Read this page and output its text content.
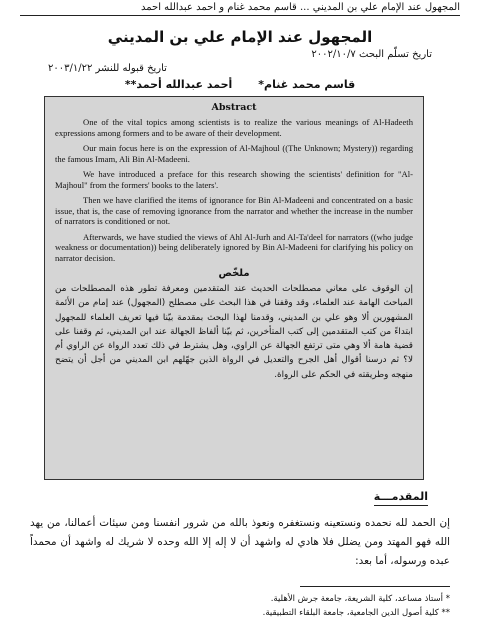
المجهول عند الإمام علي بن المديني ... قاسم محمد غنام و أحمد عبدالله أحمد
المجهول عند الإمام علي بن المديني
تاريخ تسلّم البحث ٢٠٠٢/١٠/٧
تاريخ قبوله للنشر ٢٠٠٣/١/٢٢
قاسم محمد غنام*
أحمد عبدالله أحمد**
Abstract

One of the vital topics among scientists is to realize the various meanings of Al-Hadeeth expressions among formers and to be aware of their development.

Our main focus here is on the expression of Al-Majhoul ((The Unknown; Mystery)) regarding the famous Imam, Ali Bin Al-Madeeni.

We have introduced a preface for this research showing the scientists' definition for "Al-Majhoul" from the formers' books to the laters'.

Then we have clarified the items of ignorance for Bin Al-Madeeni and concentrated on a basic issue, that is, the case of removing ignorance from the narrator and whether the increase in the number of narrators is conditioned or not.

Afterwards, we have studied the views of Ahl Al-Jurh and Al-Ta'deel for narrators ((who judge weakness or documentation)) being deliberately ignored by Bin Al-Madeeni for clarifying his policy on narrator decision.

ملخّص

إن الوقوف على معاني مصطلحات الحديث عند المتقدمين ومعرفة تطور هذه المصطلحات من المباحث الهامة عند العلماء، وقد وقفنا في هذا البحث على مصطلح (المجهول) عند إمام من الأئمة المشهورين ألا وهو علي بن المديني، وقدمنا لهذا البحث بمقدمة بيّنا فيها تعريف العلماء للمجهول ابتداءً من كتب المتقدمين إلى كتب المتأخرين، ثم بيّنا ألفاظ الجهالة عند ابن المديني، ثم وقفنا على قضية هامة ألا وهي متى ترتفع الجهالة عن الراوي، وهل يشترط في ذلك تعدد الرواة عن الراوي أم لا؟ ثم درسنا أقوال أهل الجرح والتعديل في الرواة الذين جهّلهم ابن المديني من أجل أن يتضح منهجه وطريقته في الحكم على الرواة.

المقدمـــة
إن الحمد لله نحمده ونستعينه ونستغفره ونعوذ بالله من شرور انفسنا ومن سيئات أعمالنا، من يهد الله فهو المهتد ومن يضلل فلا هادي له واشهد أن لا إله إلا الله وحده لا شريك له واشهد أن محمداً عبده ورسوله، أما بعد:
* أستاذ مساعد، كلية الشريعة، جامعة جرش الأهلية.
** كلية أصول الدين الجامعية، جامعة البلقاء التطبيقية.
